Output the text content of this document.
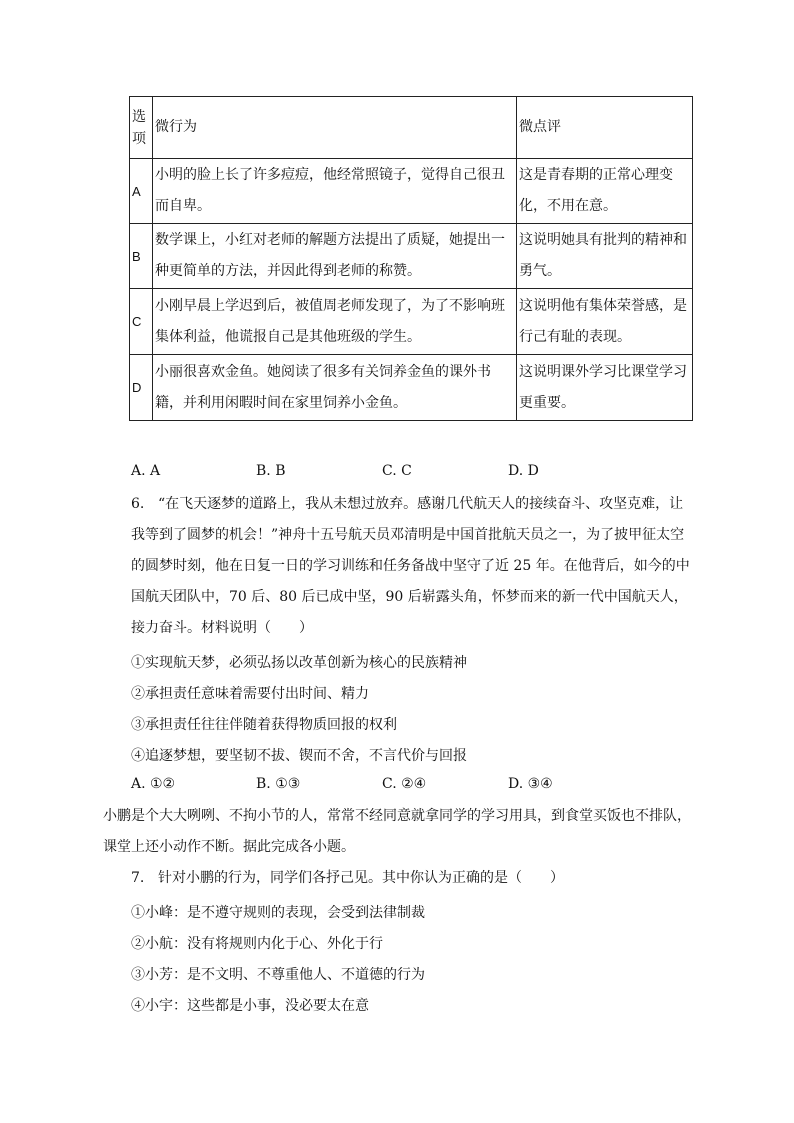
选项	微行为	微点评
A	小明的脸上长了许多痘痘，他经常照镜子，觉得自己很丑而自卑。	这是青春期的正常心理变化，不用在意。
B	数学课上，小红对老师的解题方法提出了质疑，她提出一种更简单的方法，并因此得到老师的称赞。	这说明她具有批判的精神和勇气。
C	小刚早晨上学迟到后，被值周老师发现了，为了不影响班集体利益，他谎报自己是其他班级的学生。	这说明他有集体荣誉感，是行己有耻的表现。
D	小丽很喜欢金鱼。她阅读了很多有关饲养金鱼的课外书籍，并利用闲暇时间在家里饲养小金鱼。	这说明课外学习比课堂学习更重要。
A. A	B. B	C. C	D. D
6. “在飞天逐梦的道路上，我从未想过放弃。感谢几代航天人的接续奋斗、攻坚克难，让我等到了圆梦的机会！”神舟十五号航天员邓清明是中国首批航天员之一，为了披甲征太空的圆梦时刻，他在日复一日的学习训练和任务备战中坚守了近 25 年。在他背后，如今的中国航天团队中，70 后、80 后已成中坚，90 后崭露头角，怀梦而来的新一代中国航天人，接力奋斗。材料说明（　　）
①实现航天梦，必须弘扬以改革创新为核心的民族精神
②承担责任意味着需要付出时间、精力
③承担责任往往伴随着获得物质回报的权利
④追逐梦想，要坚韧不拔、锲而不舍，不言代价与回报
A. ①②	B. ①③	C. ②④	D. ③④
小鹏是个大大咧咧、不拘小节的人，常常不经同意就拿同学的学习用具，到食堂买饭也不排队，课堂上还小动作不断。据此完成各小题。
7. 针对小鹏的行为，同学们各抒己见。其中你认为正确的是（　　）
①小峰：是不遵守规则的表现，会受到法律制裁
②小航：没有将规则内化于心、外化于行
③小芳：是不文明、不尊重他人、不道德的行为
④小宇：这些都是小事，没必要太在意
